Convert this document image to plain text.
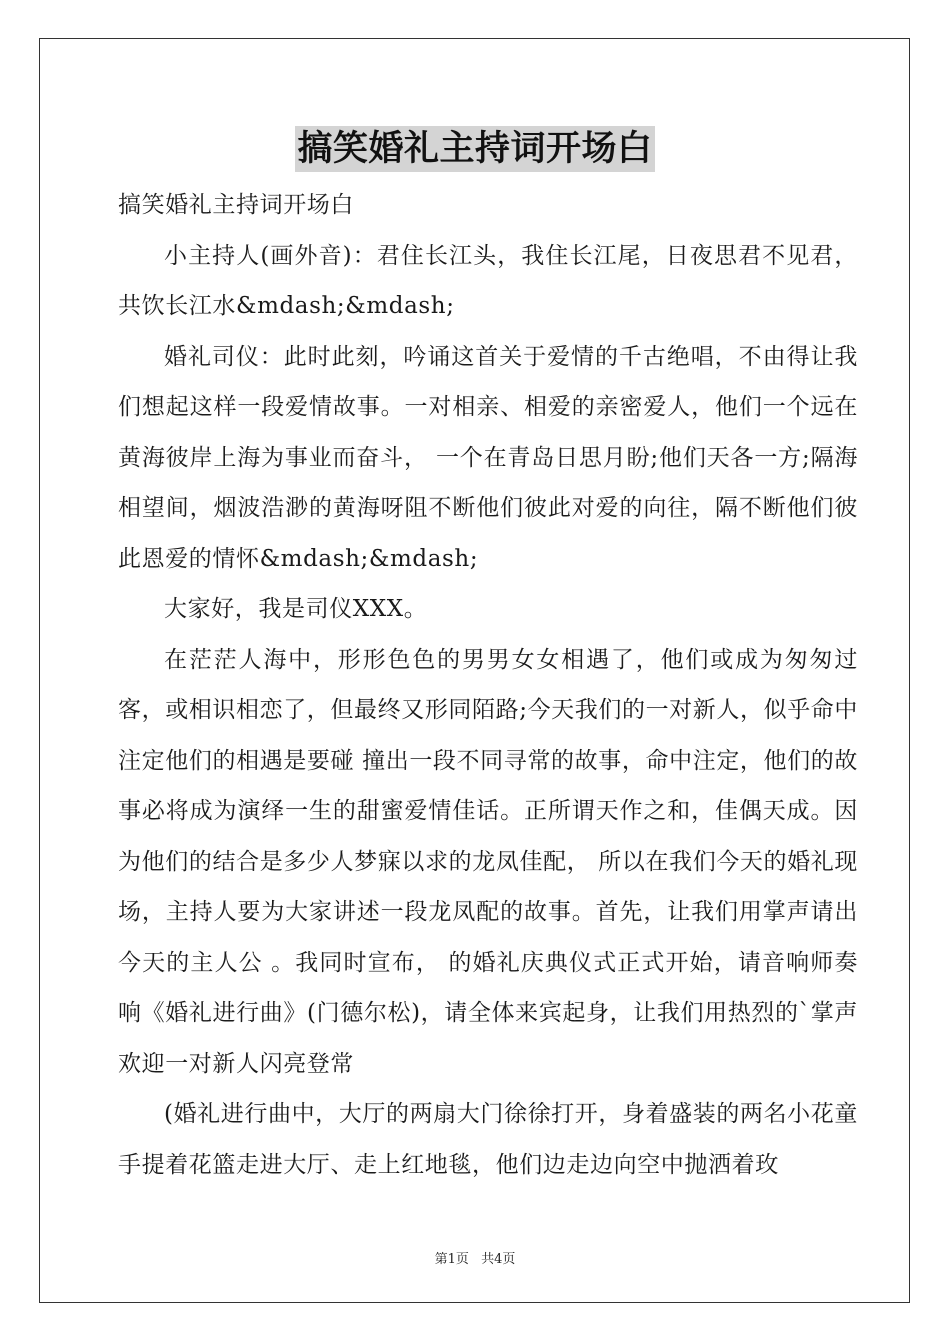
搞笑婚礼主持词开场白

搞笑婚礼主持词开场白

小主持人(画外音)：君住长江头，我住长江尾，日夜思君不见君，共饮长江水&mdash;&mdash;

婚礼司仪：此时此刻，吟诵这首关于爱情的千古绝唱，不由得让我们想起这样一段爱情故事。一对相亲、相爱的亲密爱人，他们一个远在黄海彼岸上海为事业而奋斗， 一个在青岛日思月盼;他们天各一方;隔海相望间，烟波浩渺的黄海呀阻不断他们彼此对爱的向往，隔不断他们彼此恩爱的情怀&mdash;&mdash;

大家好，我是司仪XXX。

在茫茫人海中，形形色色的男男女女相遇了，他们或成为匆匆过客，或相识相恋了，但最终又形同陌路;今天我们的一对新人，似乎命中注定他们的相遇是要碰 撞出一段不同寻常的故事，命中注定，他们的故事必将成为演绎一生的甜蜜爱情佳话。正所谓天作之和，佳偶天成。因为他们的结合是多少人梦寐以求的龙凤佳配， 所以在我们今天的婚礼现场，主持人要为大家讲述一段龙凤配的故事。首先，让我们用掌声请出今天的主人公 。我同时宣布， 的婚礼庆典仪式正式开始，请音响师奏响《婚礼进行曲》(门德尔松)，请全体来宾起身，让我们用热烈的`掌声欢迎一对新人闪亮登常

(婚礼进行曲中，大厅的两扇大门徐徐打开，身着盛装的两名小花童手提着花篮走进大厅、走上红地毯，他们边走边向空中抛洒着玫

第1页 共4页
